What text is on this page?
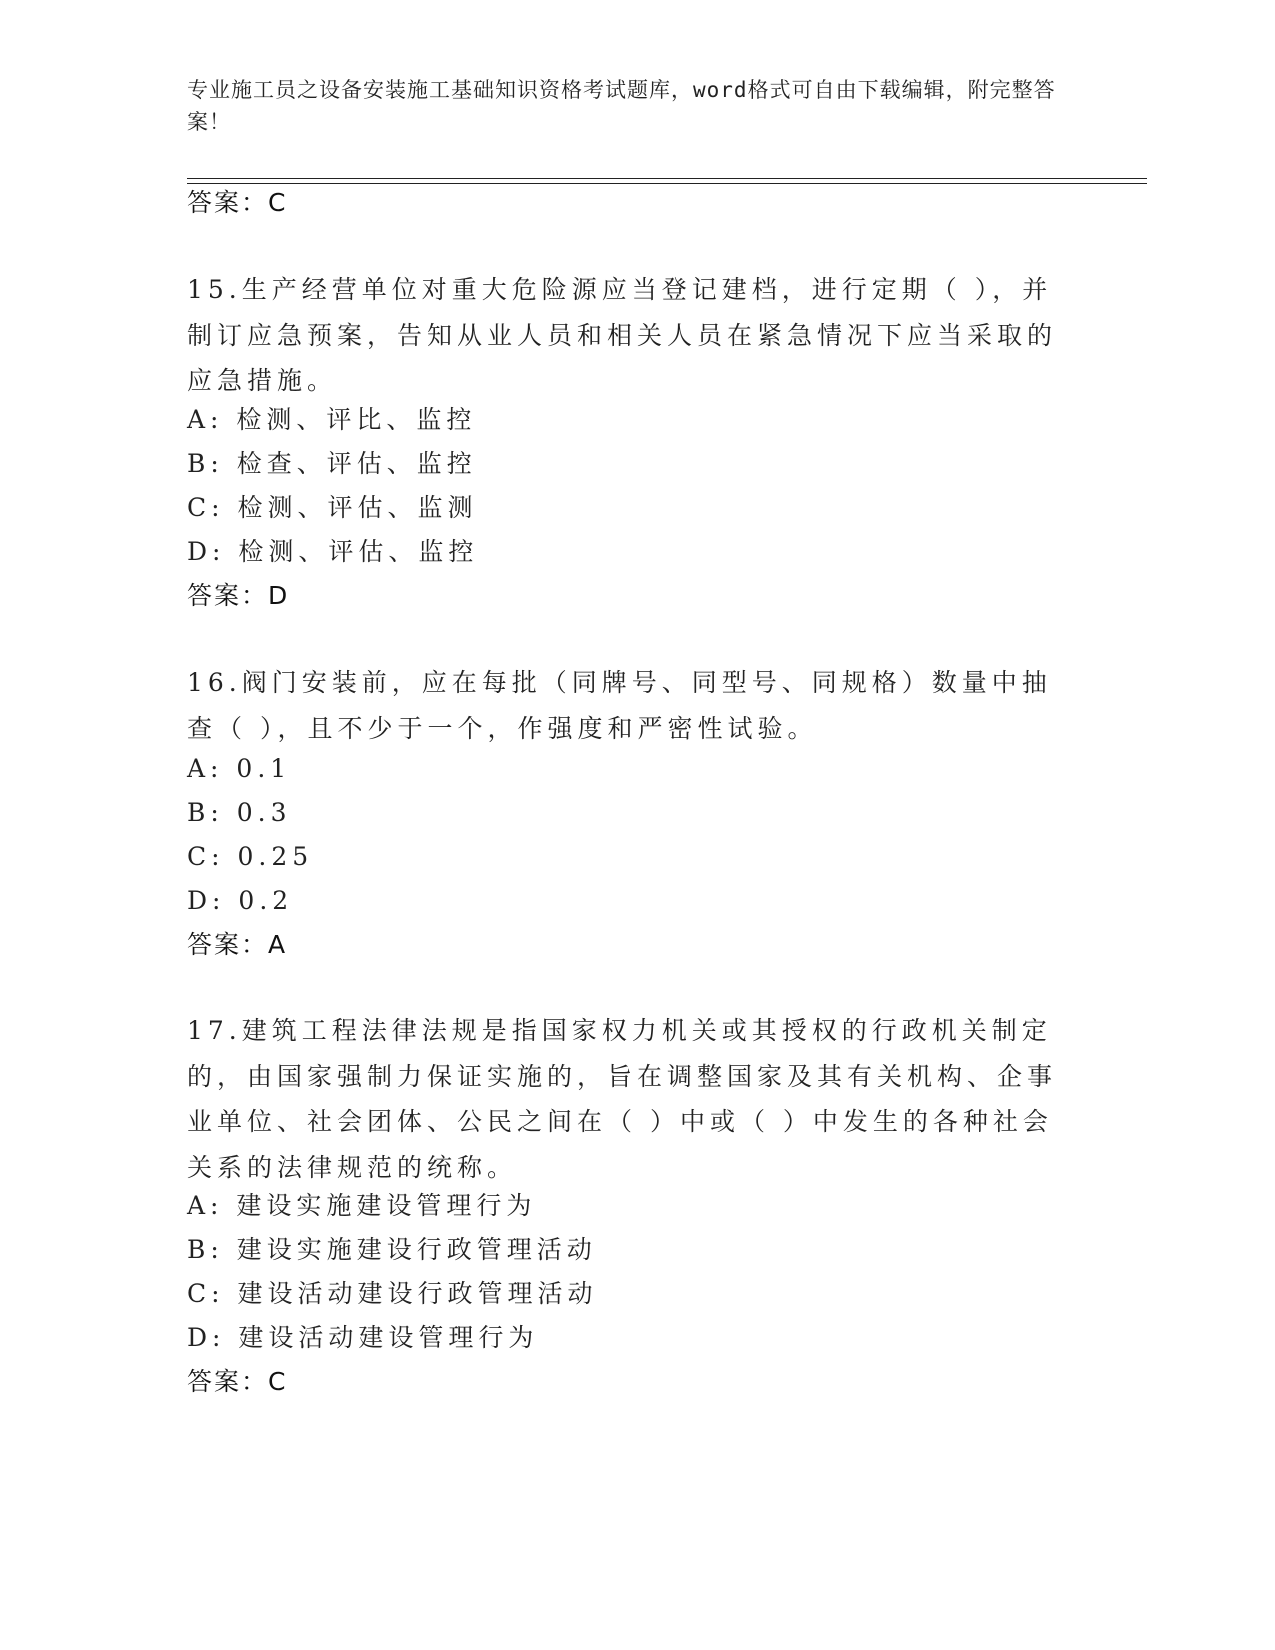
专业施工员之设备安装施工基础知识资格考试题库，word格式可自由下载编辑，附完整答案！
答案：C
15.生产经营单位对重大危险源应当登记建档，进行定期（ ），并制订应急预案，告知从业人员和相关人员在紧急情况下应当采取的应急措施。
A: 检测、评比、监控
B: 检查、评估、监控
C: 检测、评估、监测
D: 检测、评估、监控
答案：D
16.阀门安装前，应在每批（同牌号、同型号、同规格）数量中抽查（ ），且不少于一个，作强度和严密性试验。
A: 0.1
B: 0.3
C: 0.25
D: 0.2
答案：A
17.建筑工程法律法规是指国家权力机关或其授权的行政机关制定的，由国家强制力保证实施的，旨在调整国家及其有关机构、企事业单位、社会团体、公民之间在（ ）中或（ ）中发生的各种社会关系的法律规范的统称。
A: 建设实施建设管理行为
B: 建设实施建设行政管理活动
C: 建设活动建设行政管理活动
D: 建设活动建设管理行为
答案：C
